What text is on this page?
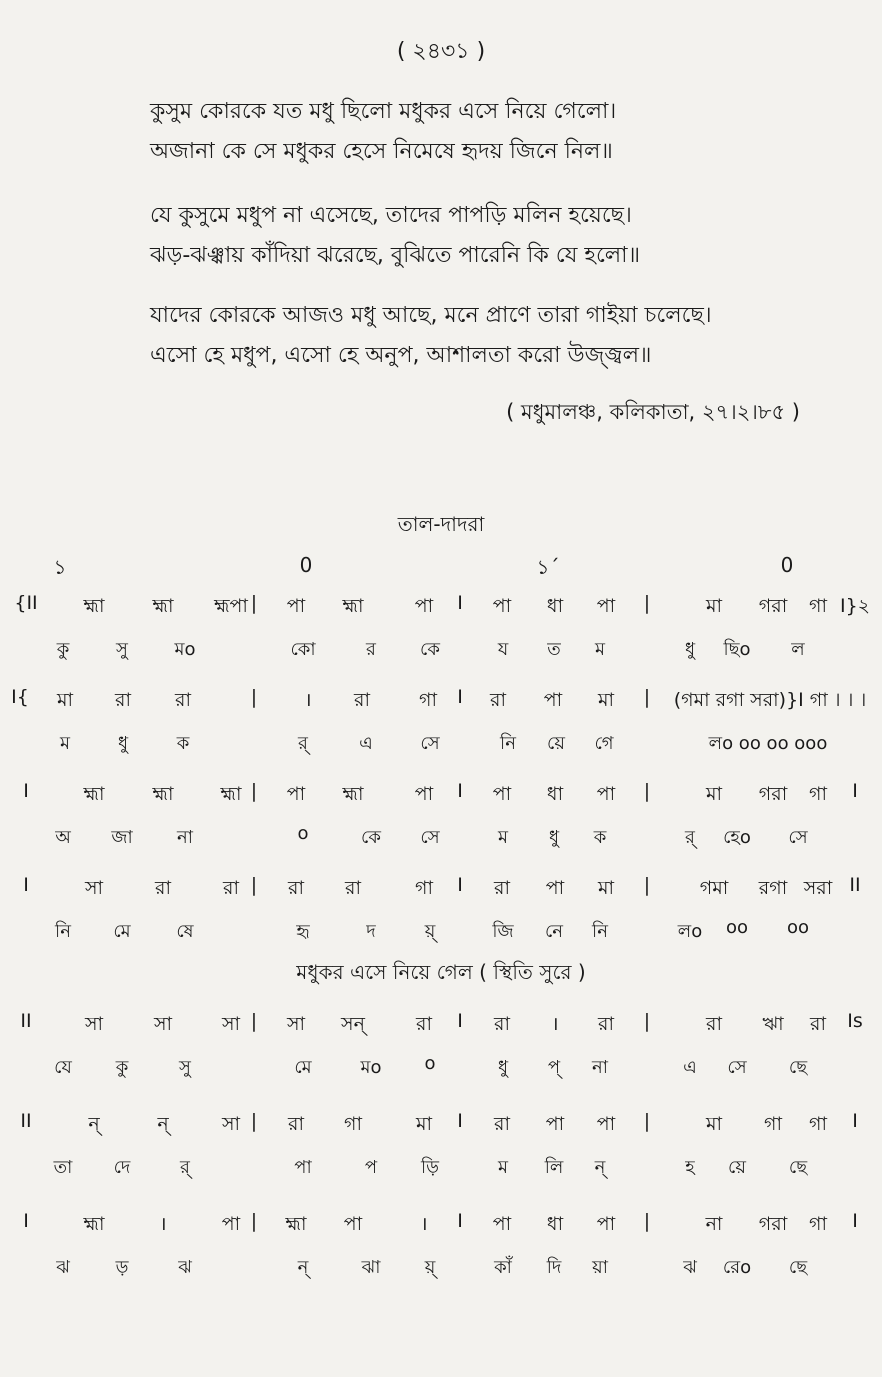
( ২৪৩১ )
কুসুম কোরকে যত মধু ছিলো মধুকর এসে নিয়ে গেলো।
অজানা কে সে মধুকর হেসে নিমেষে হৃদয় জিনে নিল॥
যে কুসুমে মধুপ না এসেছে, তাদের পাপড়ি মলিন হয়েছে।
ঝড়-ঝঞ্ঝায় কাঁদিয়া ঝরেছে, বুঝিতে পারেনি কি যে হলো॥
যাদের কোরকে আজও মধু আছে, মনে প্রাণে তারা গাইয়া চলেছে।
এসো হে মধুপ, এসো হে অনুপ, আশালতা করো উজ্জ্বল॥
( মধুমালঞ্চ, কলিকাতা, ২৭।২।৮৫ )
তাল-দাদরা
১	0	১´	0
মধুকর এসে নিয়ে গেল ( স্থিতি সুরে )
{II হ্মা	হ্মা হ্মপা | পা হ্মা	পা I পা ধা পা |	মা গরা গা I}২
কু	সু	মo	কো	র কে	য ত ম	ধু ছিo ল
I{ মা রা রা	| । রা	গা I রা পা মা | (গমা রগা সরা)}I গা । । ।
ম	ধু	ক	র্	এ	সে	নি য়ে গে	লo oo oo ooo
I	হ্মা	হ্মা হ্মা | পা হ্মা	পা I পা ধা পা |	মা গরা গা I
অ জা না	o	কে সে	ম ধু ক	র্ হেo সে
I	সা	রা	রা | রা রা	গা I রা পা মা |	গমা রগা সরা II
নি মে	ষে	হৃ	দ	য়্	জি নে নি	লo oo oo
II	সা	সা	সা | সা সন্	রা I রা । রা |	রা ঋা রা Is
যে কু	সু	মে	মo o	ধু প্ না	এ সে ছে
II	ন্	ন্	সা | রা গা	মা I রা পা পা |	মা গা গা I
তা দে	র্	পা	প ড়ি	ম লি ন্	হ য়ে ছে
I	হ্মা	।	পা | হ্মা পা	। I পা ধা পা |	না গরা গা I
ঝ	ড়	ঝ	ন্	ঝা য়্	কাঁ দি য়া	ঝ রেo ছে
